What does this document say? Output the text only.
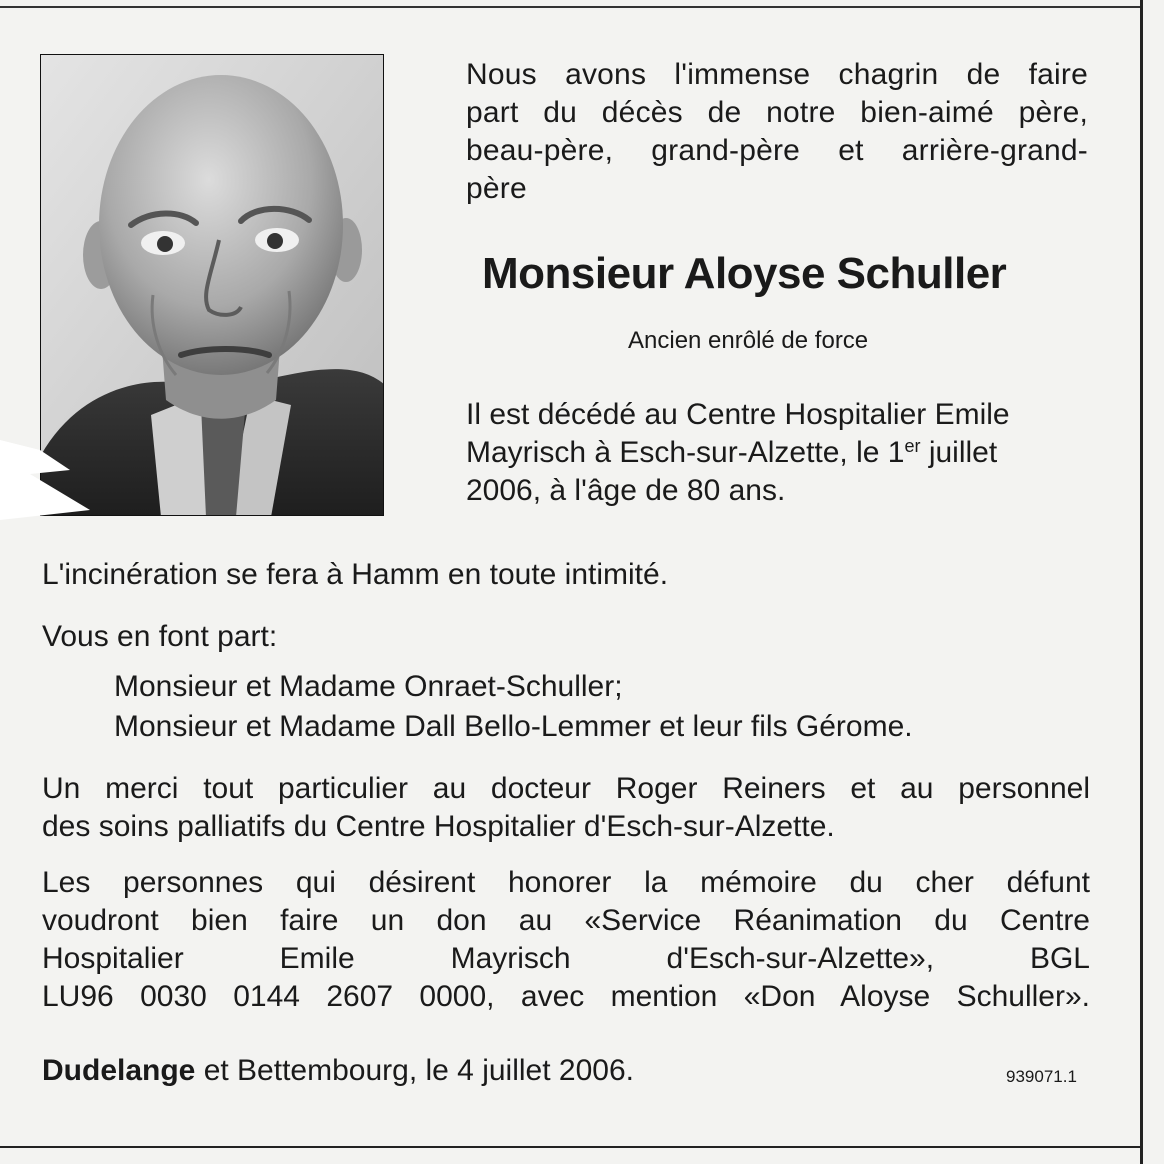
Nous avons l'immense chagrin de faire
part du décès de notre bien-aimé père,
beau-père, grand-père et arrière-grand-
père

Monsieur Aloyse Schuller
Ancien enrôlé de force

Il est décédé au Centre Hospitalier Emile
Mayrisch à Esch-sur-Alzette, le 1er juillet
2006, à l'âge de 80 ans.

L'incinération se fera à Hamm en toute intimité.
Vous en font part:
Monsieur et Madame Onraet-Schuller;
Monsieur et Madame Dall Bello-Lemmer et leur fils Gérome.

Un merci tout particulier au docteur Roger Reiners et au personnel
des soins palliatifs du Centre Hospitalier d'Esch-sur-Alzette.

Les personnes qui désirent honorer la mémoire du cher défunt
voudront bien faire un don au «Service Réanimation du Centre
Hospitalier	Emile	Mayrisch	d'Esch-sur-Alzette»,	BGL
LU96 0030 0144 2607 0000, avec mention «Don Aloyse Schuller».

Dudelange et Bettembourg, le 4 juillet 2006.	939071.1
